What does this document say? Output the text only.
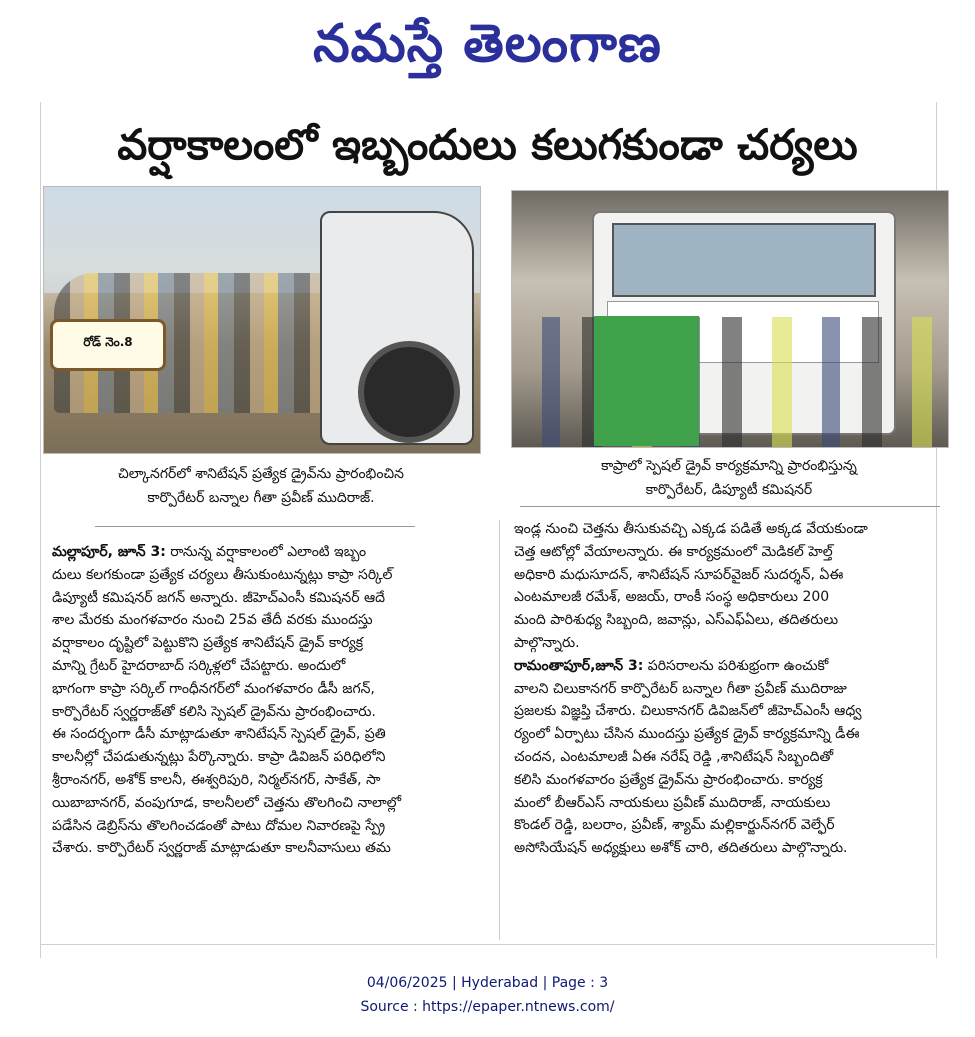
నమస్తే తెలంగాణ
వర్షాకాలంలో ఇబ్బందులు కలుగకుండా చర్యలు
రోడ్ నెం.8
చిల్కానగర్‌లో శానిటేషన్ ప్రత్యేక డ్రైవ్‌ను ప్రారంభించిన
కార్పొరేటర్ బన్నాల గీతా ప్రవీణ్ ముదిరాజ్.
కాప్రాలో స్పెషల్ డ్రైవ్ కార్యక్రమాన్ని ప్రారంభిస్తున్న
కార్పొరేటర్, డిప్యూటీ కమిషనర్
మల్లాపూర్, జూన్ 3: రానున్న వర్షాకాలంలో ఎలాంటి ఇబ్బం
దులు కలగకుండా ప్రత్యేక చర్యలు తీసుకుంటున్నట్లు కాప్రా సర్కిల్
డిప్యూటీ కమిషనర్ జగన్ అన్నారు. జీహెచ్ఎంసీ కమిషనర్ ఆదే
శాల మేరకు మంగళవారం నుంచి 25వ తేదీ వరకు ముందస్తు
వర్షాకాలం దృష్టిలో పెట్టుకొని ప్రత్యేక శానిటేషన్ డ్రైవ్ కార్యక్ర
మాన్ని గ్రేటర్ హైదరాబాద్ సర్కిళ్లలో చేపట్టారు. అందులో
భాగంగా కాప్రా సర్కిల్ గాంధీనగర్‌లో మంగళవారం డీసీ జగన్,
కార్పొరేటర్ స్వర్ణరాజ్‌తో కలిసి స్పెషల్ డ్రైవ్‌ను ప్రారంభించారు.
ఈ సందర్భంగా డీసీ మాట్లాడుతూ శానిటేషన్ స్పెషల్ డ్రైవ్, ప్రతి
కాలనీల్లో చేపడుతున్నట్లు పేర్కొన్నారు. కాప్రా డివిజన్ పరిధిలోని
శ్రీరాంనగర్, అశోక్ కాలనీ, ఈశ్వరిపురి, నిర్మల్‌నగర్, సాకేత్, సా
యిబాబానగర్, వంపుగూడ, కాలనీలలో చెత్తను తొలగించి నాలాల్లో
పడేసిన డెబ్రిస్‌ను తొలగించడంతో పాటు దోమల నివారణపై స్ప్రే
చేశారు. కార్పొరేటర్ స్వర్ణరాజ్ మాట్లాడుతూ కాలనీవాసులు తమ
ఇండ్ల నుంచి చెత్తను తీసుకువచ్చి ఎక్కడ పడితే అక్కడ వేయకుండా
చెత్త ఆటోల్లో వేయాలన్నారు. ఈ కార్యక్రమంలో మెడికల్ హెల్త్
అధికారి మధుసూదన్, శానిటేషన్ సూపర్‌వైజర్ సుదర్శన్, ఏఈ
ఎంటమాలజీ రమేశ్, అజయ్, రాంకీ సంస్థ అధికారులు 200
మంది పారిశుధ్య సిబ్బంది, జవాన్లు, ఎస్ఎఫ్ఏలు, తదితరులు
పాల్గొన్నారు.
రామంతాపూర్,జూన్ 3: పరిసరాలను పరిశుభ్రంగా ఉంచుకో
వాలని చిలుకానగర్ కార్పొరేటర్ బన్నాల గీతా ప్రవీణ్ ముదిరాజు
ప్రజలకు విజ్ఞప్తి చేశారు. చిలుకానగర్ డివిజన్‌లో జీహెచ్ఎంసీ ఆధ్వ
ర్యంలో ఏర్పాటు చేసిన ముందస్తు ప్రత్యేక డ్రైవ్ కార్యక్రమాన్ని డీఈ
చందన, ఎంటమాలజీ ఏఈ నరేష్ రెడ్డి ,శానిటేషన్ సిబ్బందితో
కలిసి మంగళవారం ప్రత్యేక డ్రైవ్‌ను ప్రారంభించారు. కార్యక్ర
మంలో బీఆర్ఎస్ నాయకులు ప్రవీణ్ ముదిరాజ్, నాయకులు
కొండల్ రెడ్డి, బలరాం, ప్రవీణ్, శ్యామ్ మల్లికార్జున్‌నగర్ వెల్ఫేర్
అసోసియేషన్ అధ్యక్షులు అశోక్ చారి, తదితరులు పాల్గొన్నారు.
04/06/2025 | Hyderabad | Page : 3
Source : https://epaper.ntnews.com/
